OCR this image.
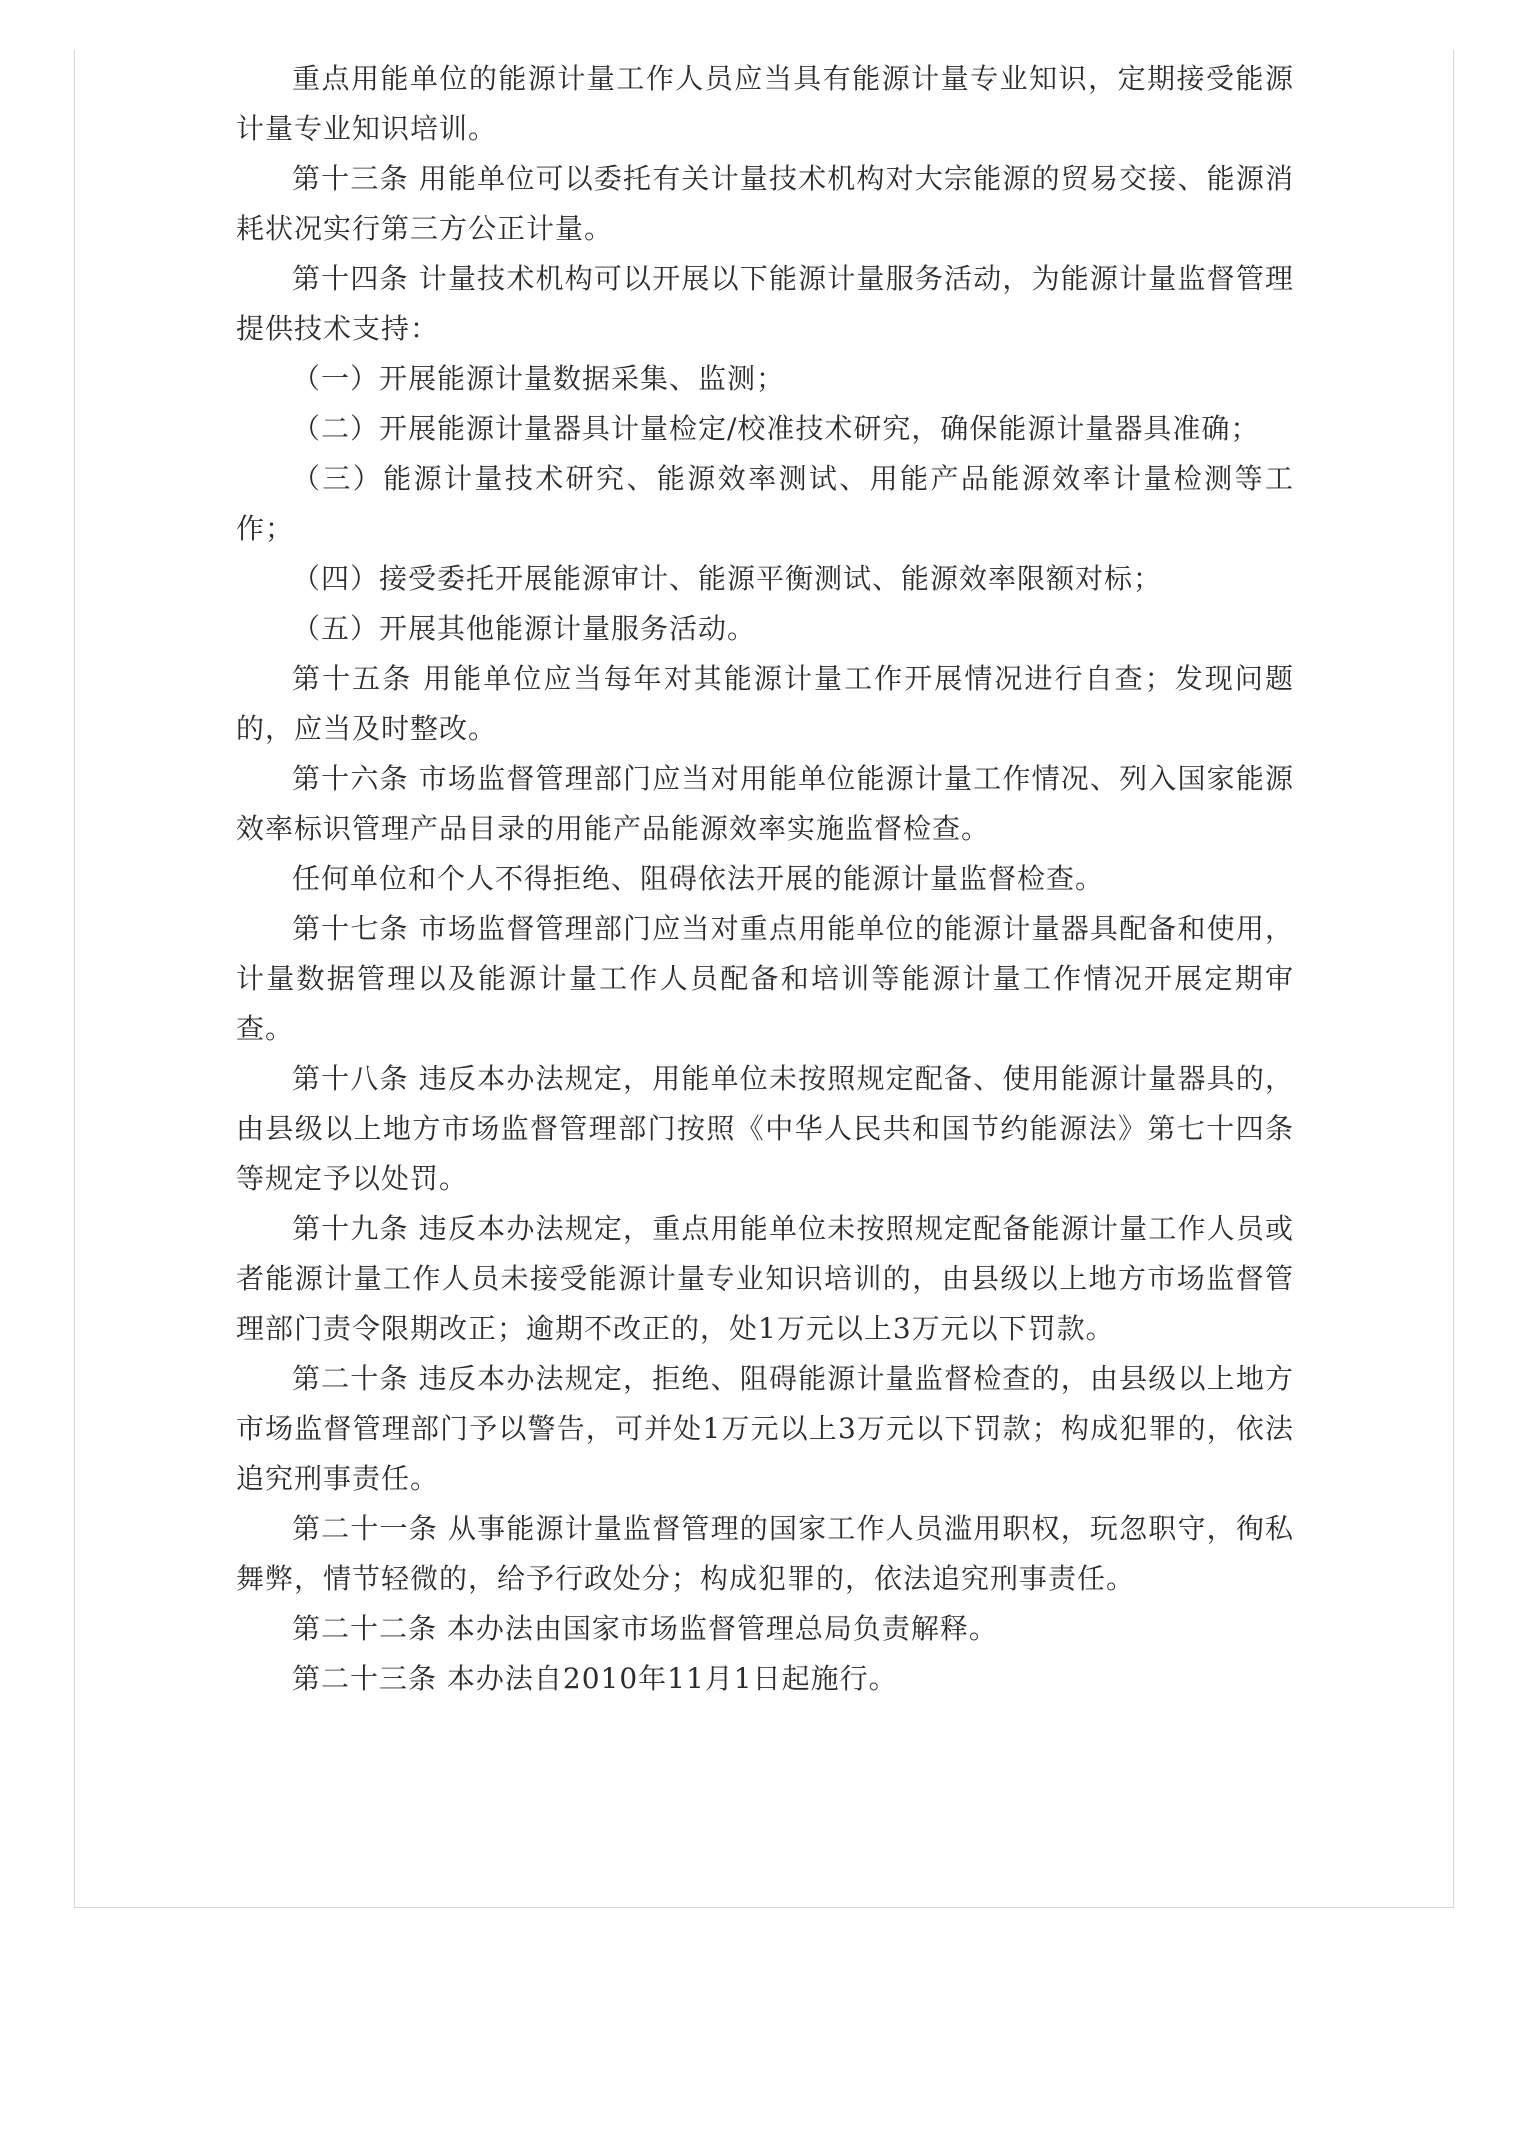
重点用能单位的能源计量工作人员应当具有能源计量专业知识，定期接受能源计量专业知识培训。

第十三条 用能单位可以委托有关计量技术机构对大宗能源的贸易交接、能源消耗状况实行第三方公正计量。

第十四条 计量技术机构可以开展以下能源计量服务活动，为能源计量监督管理提供技术支持：

（一）开展能源计量数据采集、监测；

（二）开展能源计量器具计量检定/校准技术研究，确保能源计量器具准确；

（三）能源计量技术研究、能源效率测试、用能产品能源效率计量检测等工作；

（四）接受委托开展能源审计、能源平衡测试、能源效率限额对标；

（五）开展其他能源计量服务活动。

第十五条 用能单位应当每年对其能源计量工作开展情况进行自查；发现问题的，应当及时整改。

第十六条 市场监督管理部门应当对用能单位能源计量工作情况、列入国家能源效率标识管理产品目录的用能产品能源效率实施监督检查。

任何单位和个人不得拒绝、阻碍依法开展的能源计量监督检查。

第十七条 市场监督管理部门应当对重点用能单位的能源计量器具配备和使用，计量数据管理以及能源计量工作人员配备和培训等能源计量工作情况开展定期审查。

第十八条 违反本办法规定，用能单位未按照规定配备、使用能源计量器具的，由县级以上地方市场监督管理部门按照《中华人民共和国节约能源法》第七十四条等规定予以处罚。

第十九条 违反本办法规定，重点用能单位未按照规定配备能源计量工作人员或者能源计量工作人员未接受能源计量专业知识培训的，由县级以上地方市场监督管理部门责令限期改正；逾期不改正的，处1万元以上3万元以下罚款。

第二十条 违反本办法规定，拒绝、阻碍能源计量监督检查的，由县级以上地方市场监督管理部门予以警告，可并处1万元以上3万元以下罚款；构成犯罪的，依法追究刑事责任。

第二十一条 从事能源计量监督管理的国家工作人员滥用职权，玩忽职守，徇私舞弊，情节轻微的，给予行政处分；构成犯罪的，依法追究刑事责任。

第二十二条 本办法由国家市场监督管理总局负责解释。

第二十三条 本办法自2010年11月1日起施行。
